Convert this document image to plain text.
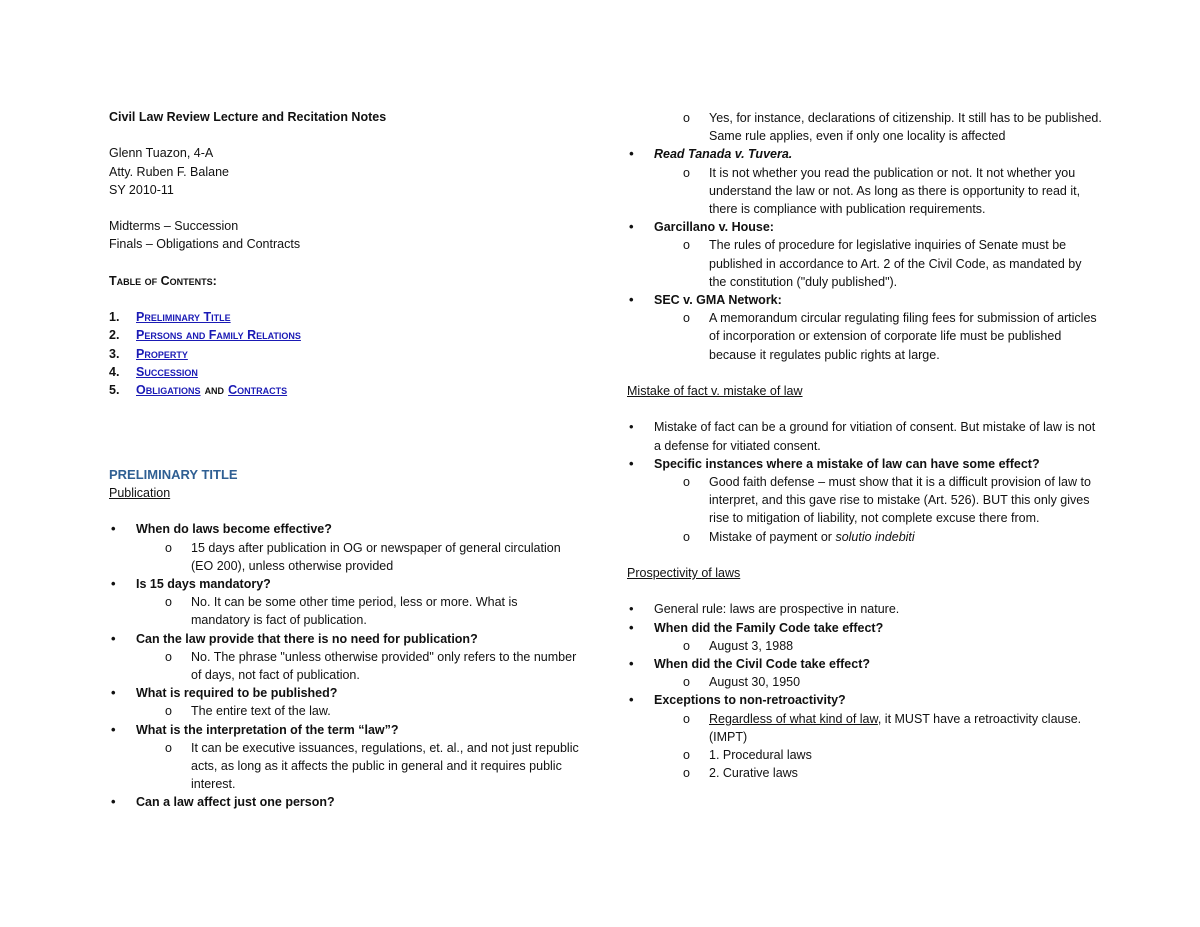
Civil Law Review Lecture and Recitation Notes

Glenn Tuazon, 4-A

Atty. Ruben F. Balane

SY 2010-11

Midterms – Succession

Finals – Obligations and Contracts

Table of Contents:

1.	Preliminary Title
2.	Persons and Family Relations
3.	Property
4.	Succession
5.	Obligations and Contracts

PRELIMINARY TITLE

Publication

• When do laws become effective?

o 15 days after publication in OG or newspaper of general circulation (EO 200), unless otherwise provided

• Is 15 days mandatory?

o No. It can be some other time period, less or more. What is mandatory is fact of publication.

• Can the law provide that there is no need for publication?

o No. The phrase "unless otherwise provided" only refers to the number of days, not fact of publication.

• What is required to be published?

o The entire text of the law.

• What is the interpretation of the term “law”?

o It can be executive issuances, regulations, et. al., and not just republic acts, as long as it affects the public in general and it requires public interest.

• Can a law affect just one person?

o Yes, for instance, declarations of citizenship. It still has to be published. Same rule applies, even if only one locality is affected

• Read Tanada v. Tuvera.

o It is not whether you read the publication or not. It not whether you understand the law or not. As long as there is opportunity to read it, there is compliance with publication requirements.

• Garcillano v. House:

o The rules of procedure for legislative inquiries of Senate must be published in accordance to Art. 2 of the Civil Code, as mandated by the constitution ("duly published").

• SEC v. GMA Network:

o A memorandum circular regulating filing fees for submission of articles of incorporation or extension of corporate life must be published because it regulates public rights at large.

Mistake of fact v. mistake of law

• Mistake of fact can be a ground for vitiation of consent. But mistake of law is not a defense for vitiated consent.

• Specific instances where a mistake of law can have some effect?

o Good faith defense – must show that it is a difficult provision of law to interpret, and this gave rise to mistake (Art. 526). BUT this only gives rise to mitigation of liability, not complete excuse there from.
o Mistake of payment or solutio indebiti

Prospectivity of laws

• General rule: laws are prospective in nature.

• When did the Family Code take effect?

o August 3, 1988

• When did the Civil Code take effect?

o August 30, 1950

• Exceptions to non-retroactivity?

o Regardless of what kind of law, it MUST have a retroactivity clause. (IMPT)
o 1. Procedural laws
o 2. Curative laws
